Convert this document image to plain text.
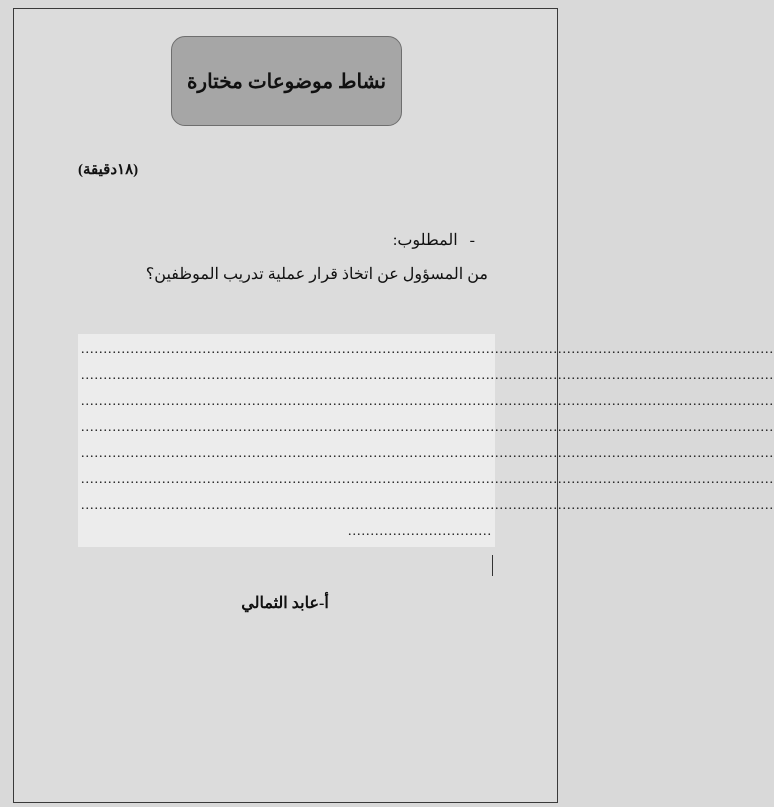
نشاط موضوعات مختارة
(١٨دقيقة)
-المطلوب:
من المسؤول عن اتخاذ قرار عملية تدريب الموظفين؟
..........................................................................................................................................................
..........................................................................................................................................................
..........................................................................................................................................................
..........................................................................................................................................................
..........................................................................................................................................................
..........................................................................................................................................................
..........................................................................................................................................................
................................
أ-عابد الثمالي
